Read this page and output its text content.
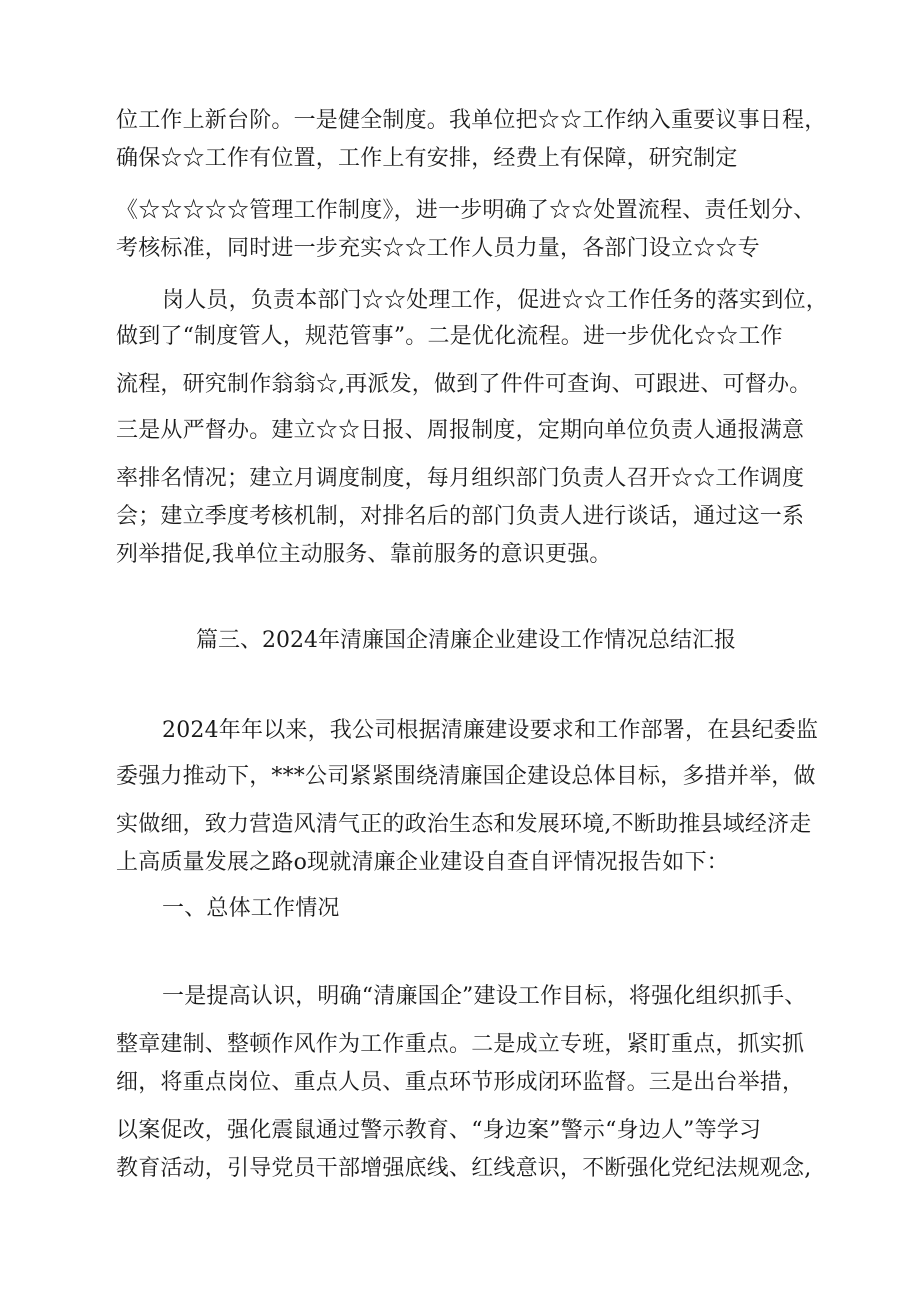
位工作上新台阶。一是健全制度。我单位把☆☆工作纳入重要议事日程，
确保☆☆工作有位置，工作上有安排，经费上有保障，研究制定
《☆☆☆☆☆管理工作制度》，进一步明确了☆☆处置流程、责任划分、
考核标准，同时进一步充实☆☆工作人员力量，各部门设立☆☆专
岗人员，负责本部门☆☆处理工作，促进☆☆工作任务的落实到位，
做到了“制度管人，规范管事”。二是优化流程。进一步优化☆☆工作
流程，研究制作翁翁☆,再派发，做到了件件可查询、可跟进、可督办。
三是从严督办。建立☆☆日报、周报制度，定期向单位负责人通报满意
率排名情况；建立月调度制度，每月组织部门负责人召开☆☆工作调度
会；建立季度考核机制，对排名后的部门负责人进行谈话，通过这一系
列举措促,我单位主动服务、靠前服务的意识更强。
篇三、2024年清廉国企清廉企业建设工作情况总结汇报
2024年年以来，我公司根据清廉建设要求和工作部署，在县纪委监
委强力推动下，***公司紧紧围绕清廉国企建设总体目标，多措并举，做
实做细，致力营造风清气正的政治生态和发展环境,不断助推县域经济走
上高质量发展之路o现就清廉企业建设自查自评情况报告如下：
一、总体工作情况
一是提高认识，明确“清廉国企”建设工作目标，将强化组织抓手、
整章建制、整顿作风作为工作重点。二是成立专班，紧盯重点，抓实抓
细，将重点岗位、重点人员、重点环节形成闭环监督。三是出台举措，
以案促改，强化震鼠通过警示教育、“身边案”警示“身边人”等学习
教育活动，引导党员干部增强底线、红线意识，不断强化党纪法规观念,
